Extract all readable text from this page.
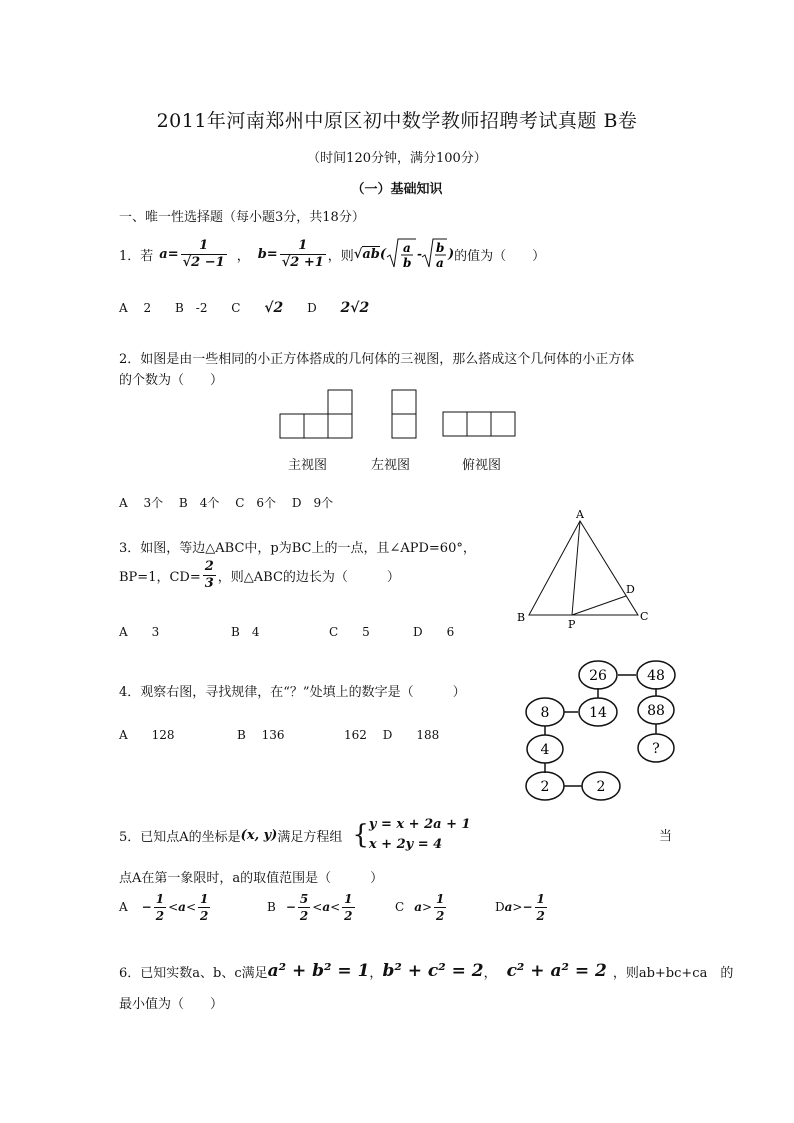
2011年河南郑州中原区初中数学教师招聘考试真题 B卷
（时间120分钟，满分100分）
（一）基础知识
一、唯一性选择题（每小题3分，共18分）
1．若 $a = \frac{1}{√2 -1}$ ， $b = \frac{1}{√2 +1}$ ，则 √ab ( a
b
- b
a
) 的值为（　　）
A　 2 B　-2 C √2 D 2√2
2．如图是由一些相同的小正方体搭成的几何体的三视图，那么搭成这个几何体的小正方体
的个数为（　　）
主视图	左视图	俯视图
A　 3个　 B　4个　 C　6个　 D　9个
3．如图，等边△ABC中，p为BC上的一点，且∠APD=60°，
BP=1，$CD= \frac{2}{3}$ ，则△ABC的边长为（　　　）
A　　3	B　4	C　　5	D　　6
A
B
P
C
D
4．观察右图，寻找规律，在“？”处填上的数字是（　　　）
A　　128	B　 136	162　 D　　188
26	48
8	14	88
4	?
2	2
5．已知点A的坐标是 (x, y) 满足方程组 { y = x + 2a + 1
x + 2y = 4
当
点A在第一象限时，a的取值范围是（　　　）
$A - \frac{1}{2} < a < \frac{1}{2}$	$B - \frac{5}{2} < a < \frac{1}{2}$	C $a > \frac{1}{2}$	D a > − $\frac{1}{2}$
6．已知实数a、b、c满足 a² + b² = 1 ， b² + c² = 2 ， c² + a² = 2 ，则ab+bc+ca　的
最小值为（　　）
